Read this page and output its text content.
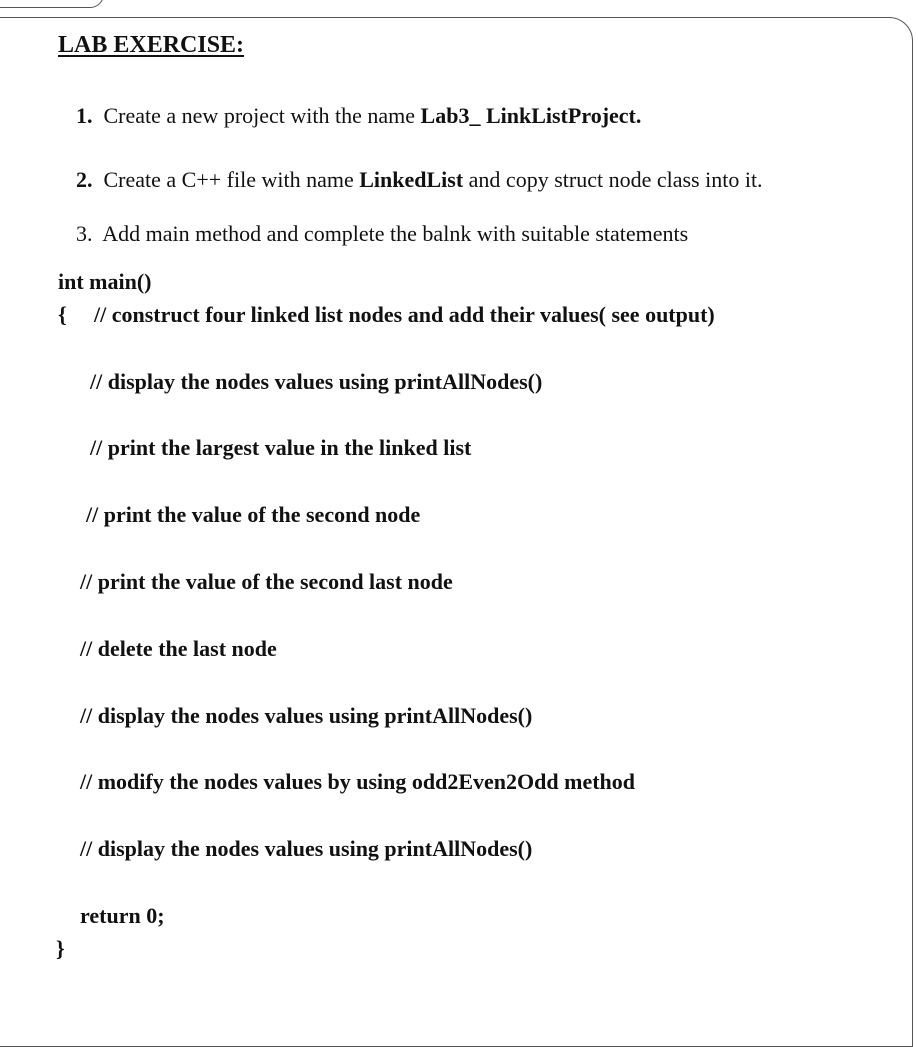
LAB EXERCISE:
1. Create a new project with the name Lab3_ LinkListProject.
2. Create a C++ file with name LinkedList and copy struct node class into it.
3. Add main method and complete the balnk with suitable statements
int main()
{ // construct four linked list nodes and add their values( see output)
// display the nodes values using printAllNodes()
// print the largest value in the linked list
// print the value of the second node
// print the value of the second last node
// delete the last node
// display the nodes values using printAllNodes()
// modify the nodes values by using odd2Even2Odd method
// display the nodes values using printAllNodes()
return 0;
}
